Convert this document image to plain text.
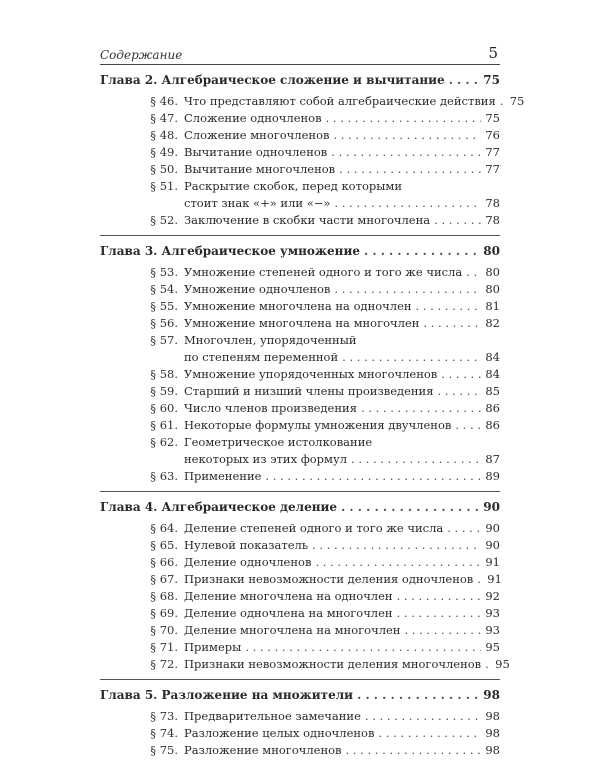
Содержание	5
Глава 2. Алгебраическое сложение и вычитание . . .	75
§ 46. Что представляют собой алгебраические действия . . . 75
§ 47. Сложение одночленов . . .	75
§ 48. Сложение многочленов . . .	76
§ 49. Вычитание одночленов . . .	77
§ 50. Вычитание многочленов . . .	77
§ 51. Раскрытие скобок, перед которыми
стоит знак «+» или «−» . . .	78
§ 52. Заключение в скобки части многочлена . . .	78
Глава 3. Алгебраическое умножение . . .	80
§ 53. Умножение степеней одного и того же числа . . . 80
§ 54. Умножение одночленов . . .	80
§ 55. Умножение многочлена на одночлен . . .	81
§ 56. Умножение многочлена на многочлен . . .	82
§ 57. Многочлен, упорядоченный
по степеням переменной . . .	84
§ 58. Умножение упорядоченных многочленов . . .	84
§ 59. Старший и низший члены произведения . . .	85
§ 60. Число членов произведения . . .	86
§ 61. Некоторые формулы умножения двучленов . . .	86
§ 62. Геометрическое истолкование
некоторых из этих формул . . .	87
§ 63. Применение . . .	89
Глава 4. Алгебраическое деление . . .	90
§ 64. Деление степеней одного и того же числа . . .	90
§ 65. Нулевой показатель . . .	90
§ 66. Деление одночленов . . .	91
§ 67. Признаки невозможности деления одночленов . . . 91
§ 68. Деление многочлена на одночлен . . .	92
§ 69. Деление одночлена на многочлен . . .	93
§ 70. Деление многочлена на многочлен . . .	93
§ 71. Примеры . . .	95
§ 72. Признаки невозможности деления многочленов . . . 95
Глава 5. Разложение на множители . . .	98
§ 73. Предварительное замечание . . .	98
§ 74. Разложение целых одночленов . . .	98
§ 75. Разложение многочленов . . .	98
